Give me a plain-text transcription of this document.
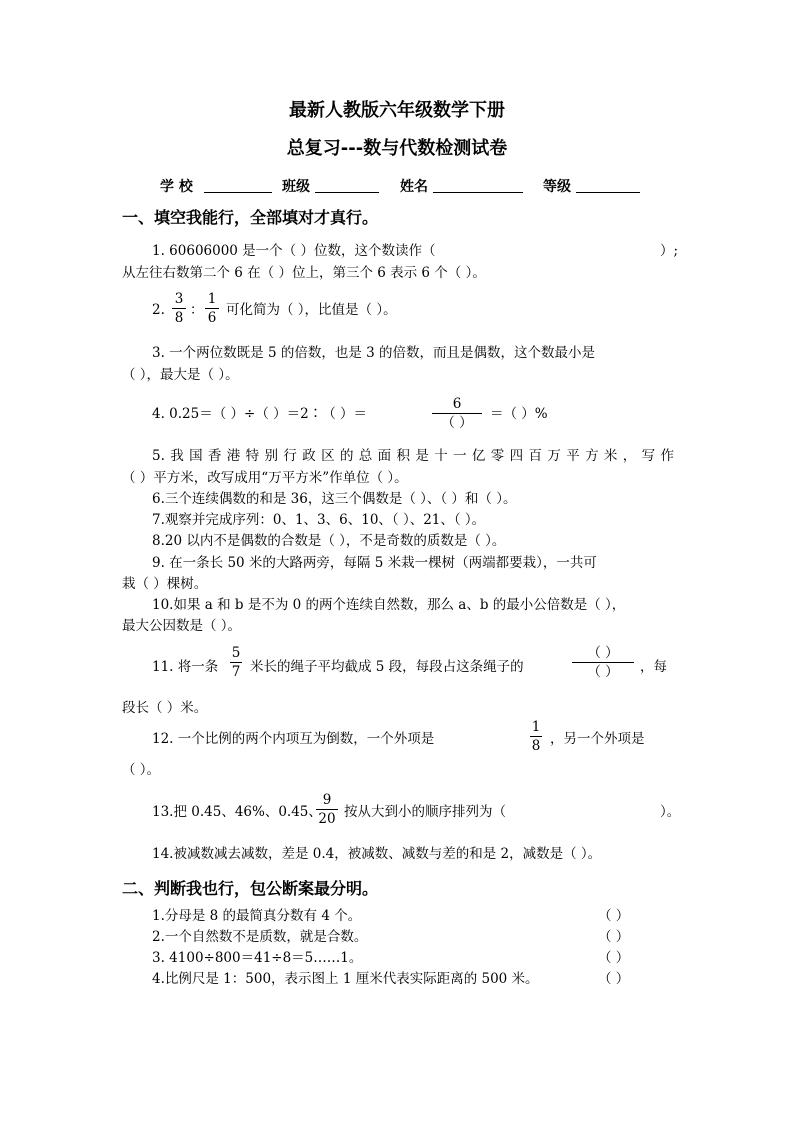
最新人教版六年级数学下册
总复习---数与代数检测试卷
学 校	班级	姓名	等级
一、填空我能行，全部填对才真行。
1. 60606000 是一个（ ）位数，这个数读作（	）;
从左往右数第二个 6 在（ ）位上，第三个 6 表示 6 个（ ）。
2.
3
8 ：
1
6 可化简为（ ），比值是（ ）。
3. 一个两位数既是 5 的倍数，也是 3 的倍数，而且是偶数，这个数最小是
（ ），最大是（ ）。
4. 0.25＝（ ）÷（ ）＝2∶（ ）＝
6
（ ）
＝（ ）%
5.我国香港特别行政区的总面积是十一亿零四百万平方米，写作
（ ）平方米，改写成用“万平方米”作单位（ ）。
6.三个连续偶数的和是 36，这三个偶数是（ ）、（ ）和（ ）。
7.观察并完成序列：0、1、3、6、10、（ ）、21、（ ）。
8.20 以内不是偶数的合数是（ ），不是奇数的质数是（ ）。
9. 在一条长 50 米的大路两旁，每隔 5 米栽一棵树（两端都要栽），一共可
栽（ ）棵树。
10.如果 a 和 b 是不为 0 的两个连续自然数，那么 a、b 的最小公倍数是（ ），
最大公因数是（ ）。
11. 将一条
5
7 米长的绳子平均截成 5 段，每段占这条绳子的
（ ）
（ ）	，每
段长（ ）米。
12. 一个比例的两个内项互为倒数，一个外项是
1
8 ，另一个外项是
（ ）。
13.把 0.4̇5̇、46%、0.45̇、
9
20 按从大到小的顺序排列为（	）。
14.被减数减去减数，差是 0.4，被减数、减数与差的和是 2，减数是（ ）。
二、判断我也行，包公断案最分明。
1.分母是 8 的最简真分数有 4 个。	（ ）
2.一个自然数不是质数，就是合数。	（ ）
3. 4100÷800＝41÷8＝5……1。	（ ）
4.比例尺是 1：500，表示图上 1 厘米代表实际距离的 500 米。	（ ）
